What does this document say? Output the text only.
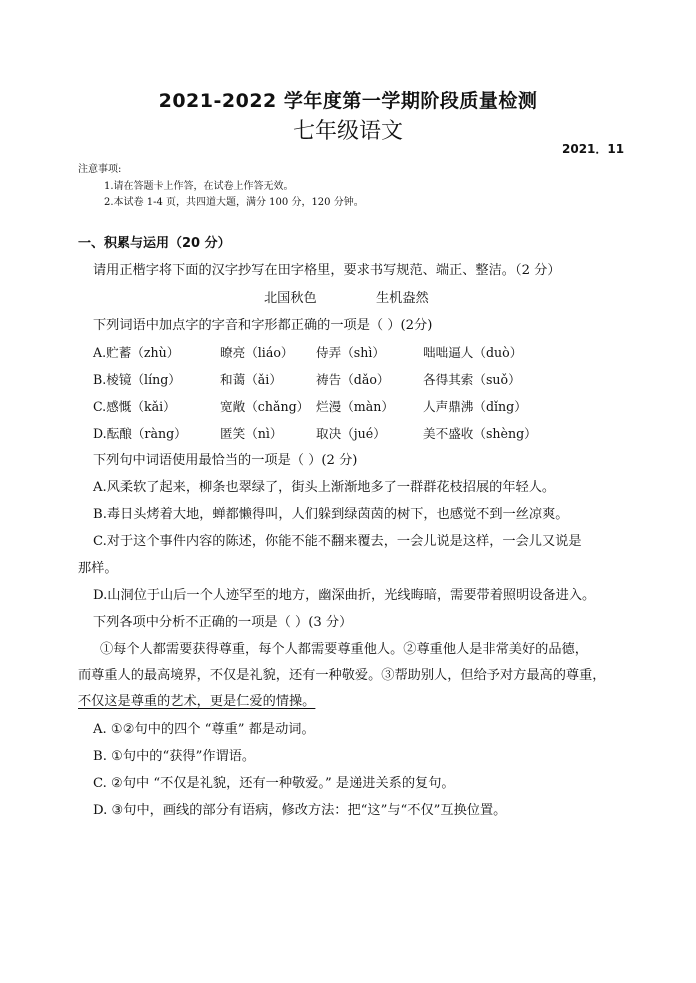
2021-2022 学年度第一学期阶段质量检测
七年级语文
2021．11
注意事项:
1.请在答题卡上作答，在试卷上作答无效。
2.本试卷 1-4 页，共四道大题，满分 100 分，120 分钟。
一、积累与运用（20 分）
请用正楷字将下面的汉字抄写在田字格里，要求书写规范、端正、整洁。（2 分）
北国秋色	生机盎然
下列词语中加点字的字音和字形都正确的一项是（ ）(2分)
A.贮蓄（zhù）	暸亮（liáo） 侍弄（shì）	咄咄逼人（duò）
B.棱镜（líng）	和蔼（ǎi）	祷告（dǎo）	各得其索（suǒ）
C.感慨（kǎi）	宽敞（chǎng） 烂漫（màn） 人声鼎沸（dǐng）
D.酝酿（ràng）	匿笑（nì）	取决（jué）	美不盛收（shèng）
下列句中词语使用最恰当的一项是（ ）(2 分)
A.风柔软了起来，柳条也翠绿了，街头上渐渐地多了一群群花枝招展的年轻人。
B.毒日头烤着大地，蝉都懒得叫，人们躲到绿茵茵的树下，也感觉不到一丝凉爽。
C.对于这个事件内容的陈述，你能不能不翻来覆去，一会儿说是这样，一会儿又说是
那样。
D.山洞位于山后一个人迹罕至的地方，幽深曲折，光线晦暗，需要带着照明设备进入。
下列各项中分析不正确的一项是（ ）(3 分）
①每个人都需要获得尊重，每个人都需要尊重他人。②尊重他人是非常美好的品德，
而尊重人的最高境界，不仅是礼貌，还有一种敬爱。③帮助别人，但给予对方最高的尊重，
不仅这是尊重的艺术，更是仁爱的情操。
A. ①②句中的四个 “尊重” 都是动词。
B. ①句中的“获得”作谓语。
C. ②句中 “不仅是礼貌，还有一种敬爱。” 是递进关系的复句。
D. ③句中，画线的部分有语病，修改方法：把“这”与“不仅”互换位置。
